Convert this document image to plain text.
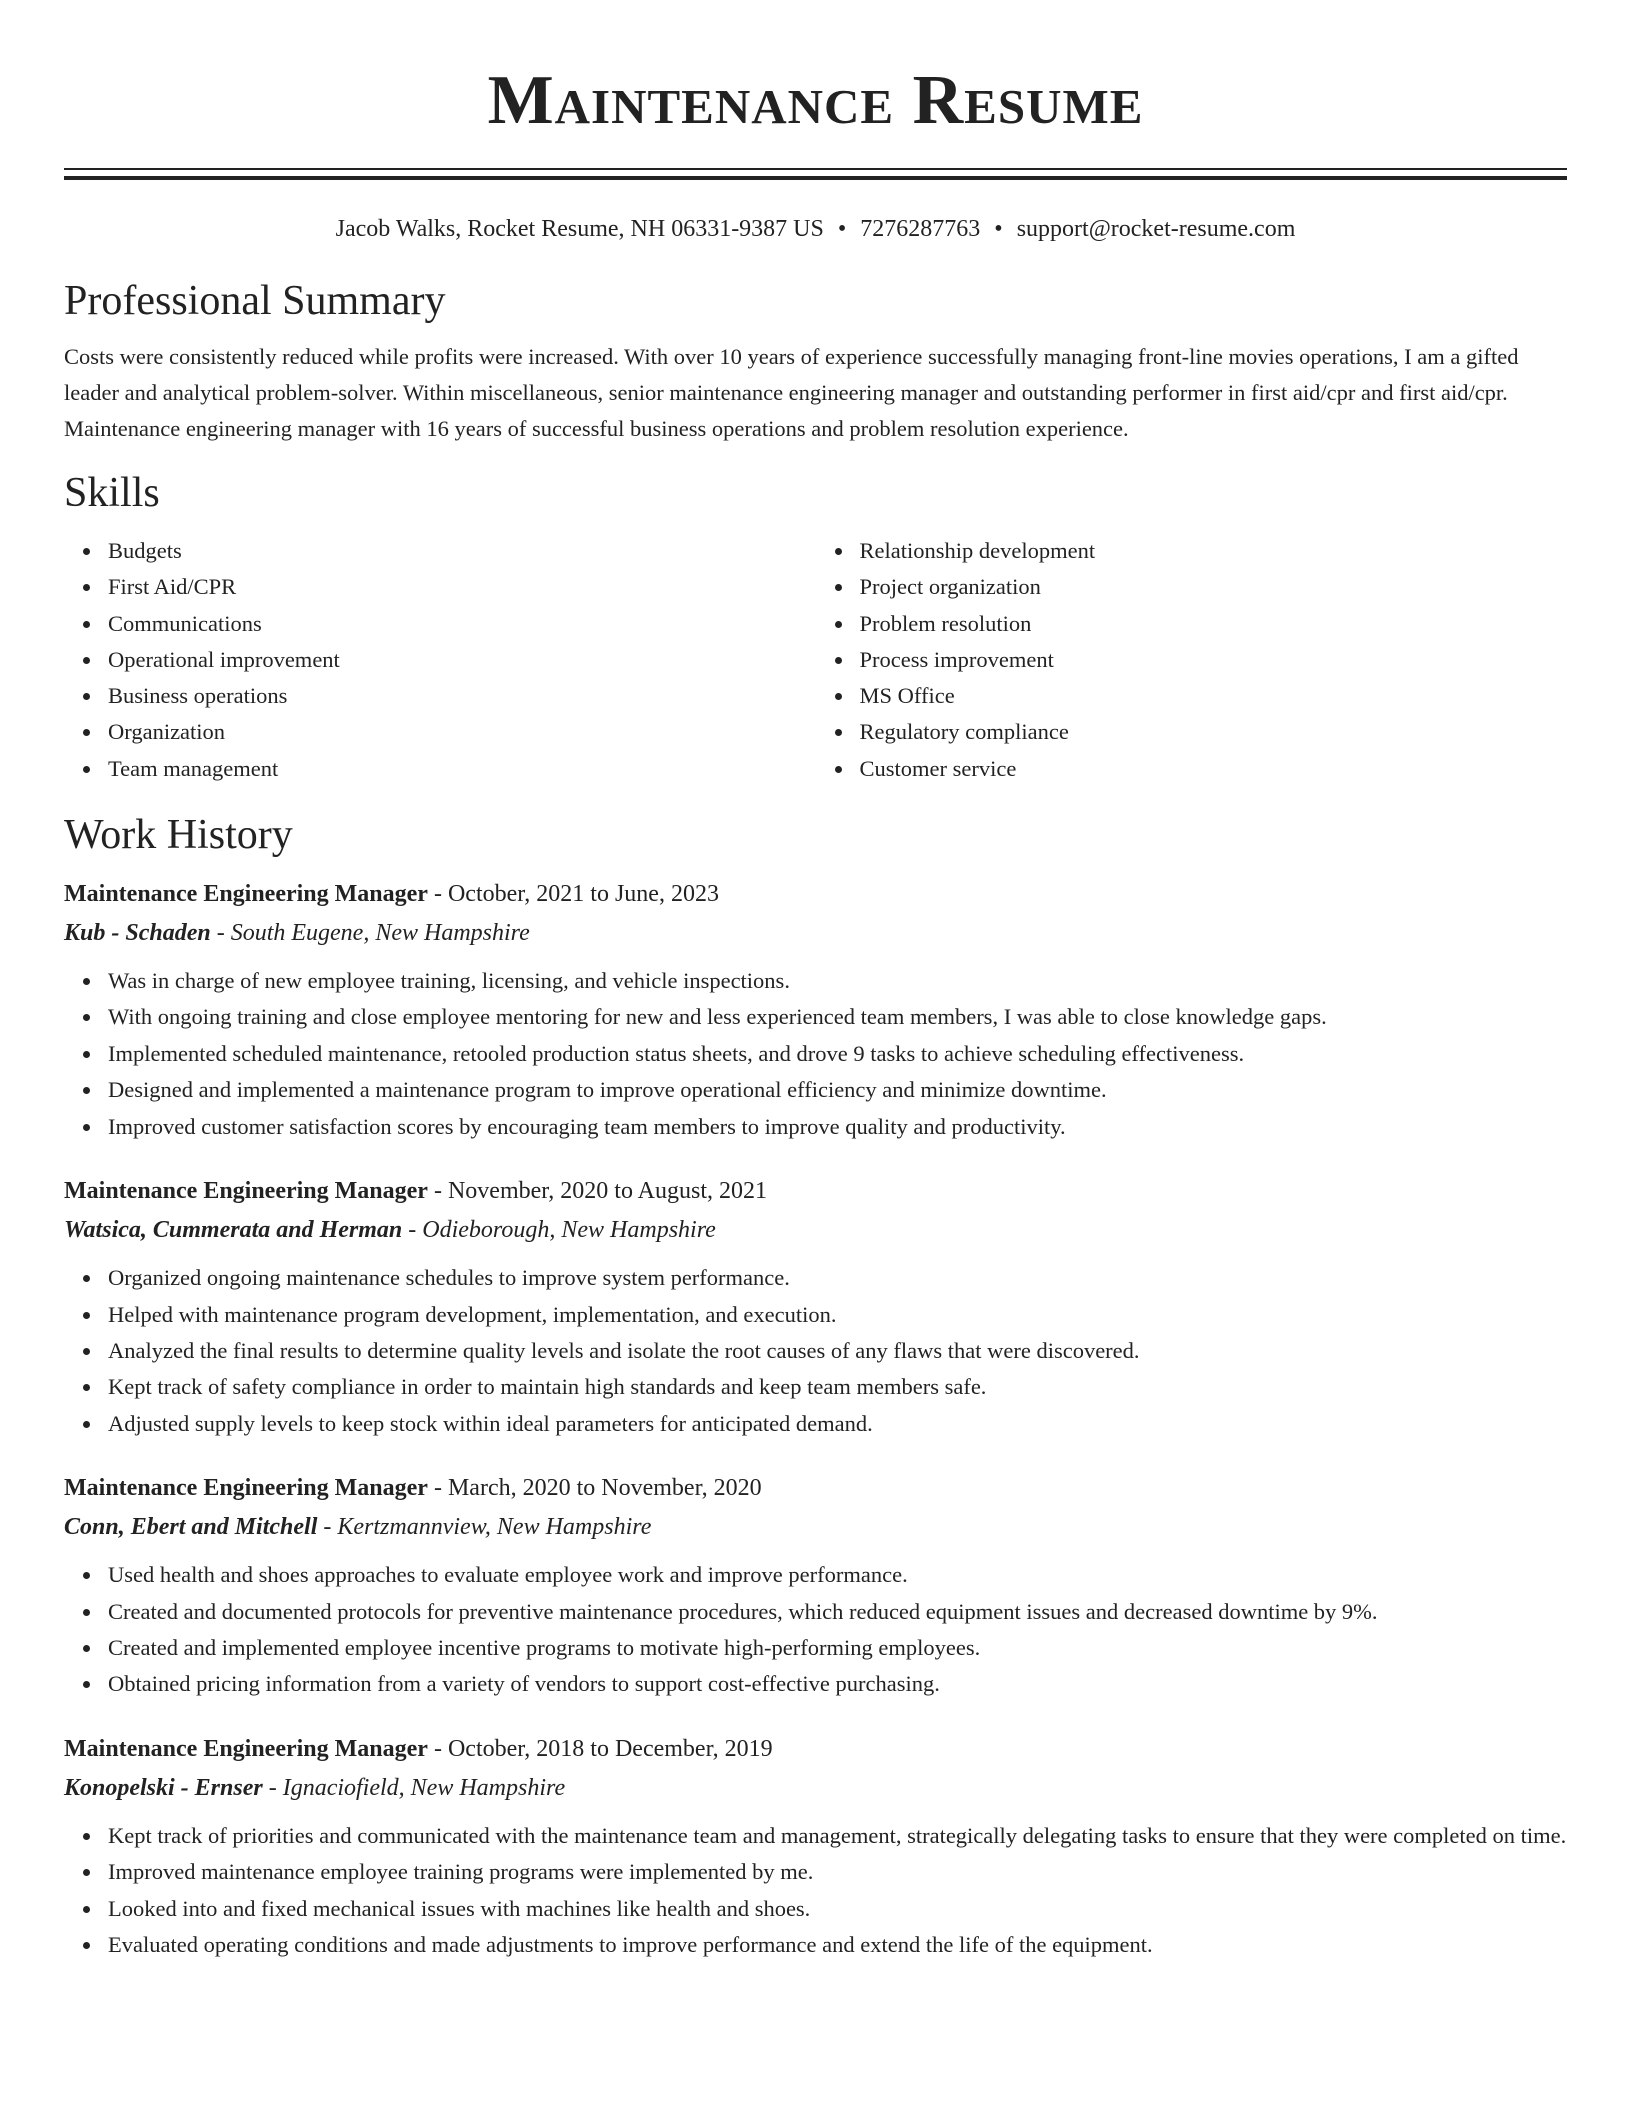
Maintenance Resume
Jacob Walks, Rocket Resume, NH 06331-9387 US • 7276287763 • support@rocket-resume.com
Professional Summary

Costs were consistently reduced while profits were increased. With over 10 years of experience successfully managing front-line movies operations, I am a gifted leader and analytical problem-solver. Within miscellaneous, senior maintenance engineering manager and outstanding performer in first aid/cpr and first aid/cpr. Maintenance engineering manager with 16 years of successful business operations and problem resolution experience.

Skills
Budgets
First Aid/CPR
Communications
Operational improvement
Business operations
Organization
Team management
Relationship development
Project organization
Problem resolution
Process improvement
MS Office
Regulatory compliance
Customer service
Work History
Maintenance Engineering Manager - October, 2021 to June, 2023
Kub - Schaden - South Eugene, New Hampshire
Was in charge of new employee training, licensing, and vehicle inspections.
With ongoing training and close employee mentoring for new and less experienced team members, I was able to close knowledge gaps.
Implemented scheduled maintenance, retooled production status sheets, and drove 9 tasks to achieve scheduling effectiveness.
Designed and implemented a maintenance program to improve operational efficiency and minimize downtime.
Improved customer satisfaction scores by encouraging team members to improve quality and productivity.
Maintenance Engineering Manager - November, 2020 to August, 2021
Watsica, Cummerata and Herman - Odieborough, New Hampshire
Organized ongoing maintenance schedules to improve system performance.
Helped with maintenance program development, implementation, and execution.
Analyzed the final results to determine quality levels and isolate the root causes of any flaws that were discovered.
Kept track of safety compliance in order to maintain high standards and keep team members safe.
Adjusted supply levels to keep stock within ideal parameters for anticipated demand.
Maintenance Engineering Manager - March, 2020 to November, 2020
Conn, Ebert and Mitchell - Kertzmannview, New Hampshire
Used health and shoes approaches to evaluate employee work and improve performance.
Created and documented protocols for preventive maintenance procedures, which reduced equipment issues and decreased downtime by 9%.
Created and implemented employee incentive programs to motivate high-performing employees.
Obtained pricing information from a variety of vendors to support cost-effective purchasing.
Maintenance Engineering Manager - October, 2018 to December, 2019
Konopelski - Ernser - Ignaciofield, New Hampshire
Kept track of priorities and communicated with the maintenance team and management, strategically delegating tasks to ensure that they were completed on time.
Improved maintenance employee training programs were implemented by me.
Looked into and fixed mechanical issues with machines like health and shoes.
Evaluated operating conditions and made adjustments to improve performance and extend the life of the equipment.
